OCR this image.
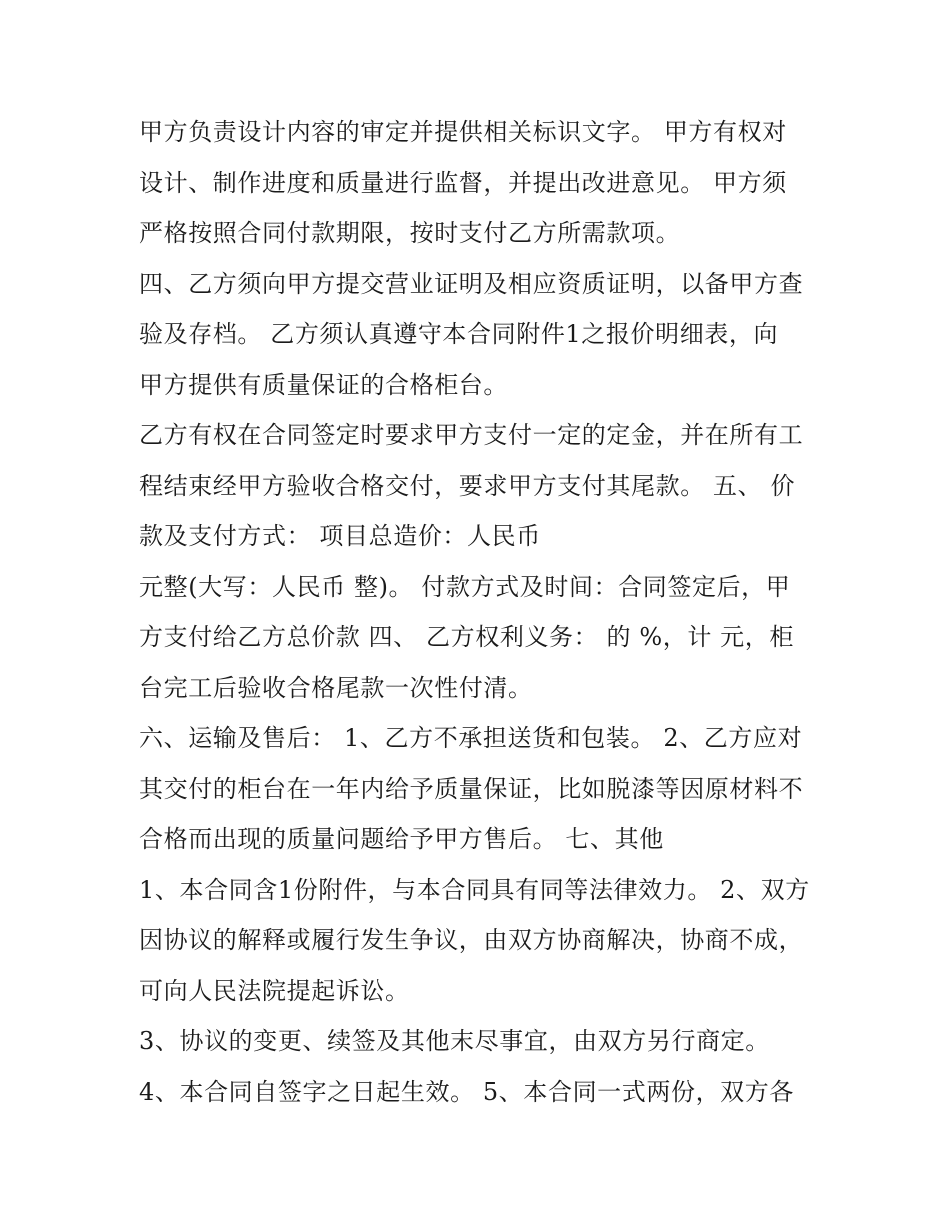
甲方负责设计内容的审定并提供相关标识文字。 甲方有权对
设计、制作进度和质量进行监督，并提出改进意见。 甲方须
严格按照合同付款期限，按时支付乙方所需款项。
四、乙方须向甲方提交营业证明及相应资质证明，以备甲方查
验及存档。 乙方须认真遵守本合同附件1之报价明细表，向
甲方提供有质量保证的合格柜台。
乙方有权在合同签定时要求甲方支付一定的定金，并在所有工
程结束经甲方验收合格交付，要求甲方支付其尾款。 五、 价
款及支付方式： 项目总造价：人民币
元整(大写：人民币 整)。 付款方式及时间：合同签定后，甲
方支付给乙方总价款 四、 乙方权利义务： 的 %，计 元，柜
台完工后验收合格尾款一次性付清。
六、运输及售后： 1、乙方不承担送货和包装。 2、乙方应对
其交付的柜台在一年内给予质量保证，比如脱漆等因原材料不
合格而出现的质量问题给予甲方售后。 七、其他
1、本合同含1份附件，与本合同具有同等法律效力。 2、双方
因协议的解释或履行发生争议，由双方协商解决，协商不成，
可向人民法院提起诉讼。
3、协议的变更、续签及其他末尽事宜，由双方另行商定。
4、本合同自签字之日起生效。 5、本合同一式两份，双方各
